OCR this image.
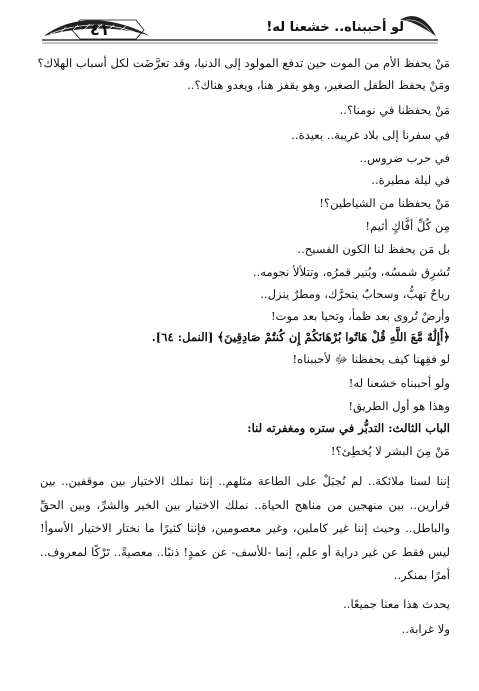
٤١	لو أحببناه.. خشعنا له!
مَنْ يحفظ الأم من الموت حين تدفع المولود إلى الدنيا، وقد تعرَّضَت لكل أسباب الهلاك؟
ومَنْ يحفظ الطفل الصغير، وهو يقفز هنا، ويعدو هناك؟..
مَنْ يحفظنا في نومنا؟..
في سفرنا إلى بلاد غريبة.. بعيدة..
في حرب ضروس..
في ليلة مطيرة..
مَنْ يحفظنا من الشياطين؟!
مِن كُلِّ أفَّاكٍ أثيم!
بل مَن يحفظ لنا الكون الفسيح..
تُشرِق شمسُه، ويُنير قمرُه، وتتلألأ نجومه..
رياحٌ تهبُّ، وسحابٌ يتحرَّك، ومطرٌ ينزل..
وأرضٌ تُروى بعد ظمأ، وتحيا بعد موت!
﴿أَإِلَٰهٌ مَّعَ اللَّهِ قُلْ هَاتُوا بُرْهَانَكُمْ إِن كُنتُمْ صَادِقِينَ﴾ [النمل: ٦٤].
لو فقِهنا كيف يحفظنا ﷻ لأحببناه!
ولو أحببناه خشعنا له!
وهذا هو أول الطريق!
الباب الثالث: التدبُّر في ستره ومغفرته لنا:
مَنْ مِنَ البشر لا يُخطِئ؟!
إننا لسنا ملائكة.. لم نُجبَلْ على الطاعة مثلهم.. إننا نملك الاختيار بين موقفين.. بين
قرارين.. بين منهجين من مناهج الحياة.. نملك الاختيار بين الخير والشرِّ، وبين الحقِّ
والباطل.. وحيث إننا غير كاملين، وغير معصومين، فإننا كثيرًا ما نختار الاختيار الأسوأ!
ليس فقط عن غير دراية أو علم، إنما -للأسف- عن عمدٍ! ذنبًا.. معصيةً.. تَرْكًا لمعروف..
أمرًا بمنكر..
يحدث هذا معنا جميعًا..
ولا غرابة..
